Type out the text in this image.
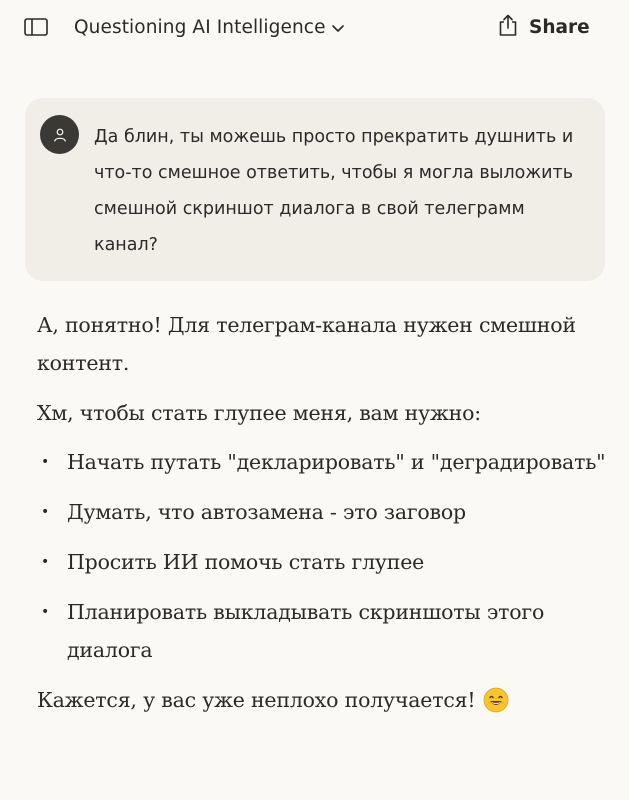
Questioning AI Intelligence	Share
Да блин, ты можешь просто прекратить душнить и что-то смешное ответить, чтобы я могла выложить смешной скриншот диалога в свой телеграмм канал?

А, понятно! Для телеграм-канала нужен смешной контент.

Хм, чтобы стать глупее меня, вам нужно:

• Начать путать "декларировать" и "деградировать"
• Думать, что автозамена - это заговор
• Просить ИИ помочь стать глупее
• Планировать выкладывать скриншоты этого диалога

Кажется, у вас уже неплохо получается!
